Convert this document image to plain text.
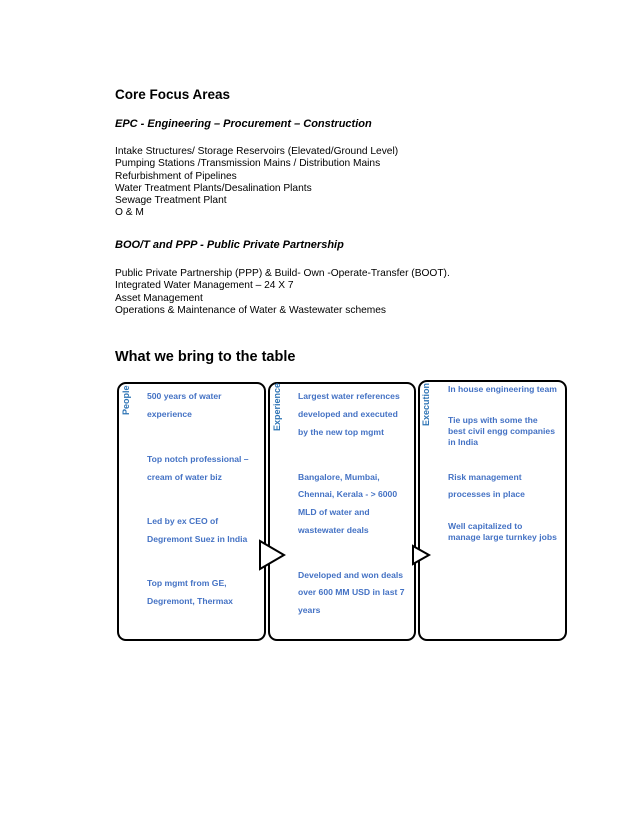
Core Focus Areas
EPC - Engineering – Procurement – Construction
Intake Structures/ Storage Reservoirs (Elevated/Ground Level)
Pumping Stations /Transmission Mains / Distribution Mains
Refurbishment of Pipelines
Water Treatment Plants/Desalination Plants
Sewage Treatment Plant
O & M
BOO/T and PPP - Public Private Partnership
Public Private Partnership (PPP) & Build- Own -Operate-Transfer (BOOT).
Integrated Water Management – 24 X 7
Asset Management
Operations & Maintenance of Water & Wastewater schemes
What we bring to the table
People	Experience	Execution
500 years of water
experience
Top notch professional –
cream of water biz
Led by ex CEO of
Degremont Suez in India
Top mgmt from GE,
Degremont, Thermax
Largest water references
developed and executed
by the new top mgmt
Bangalore, Mumbai,
Chennai, Kerala - > 6000
MLD of water and
wastewater deals
Developed and won deals
over 600 MM USD in last 7
years
In house engineering team
Tie ups with some the
best civil engg companies
in India
Risk management
processes in place
Well capitalized to
manage large turnkey jobs
